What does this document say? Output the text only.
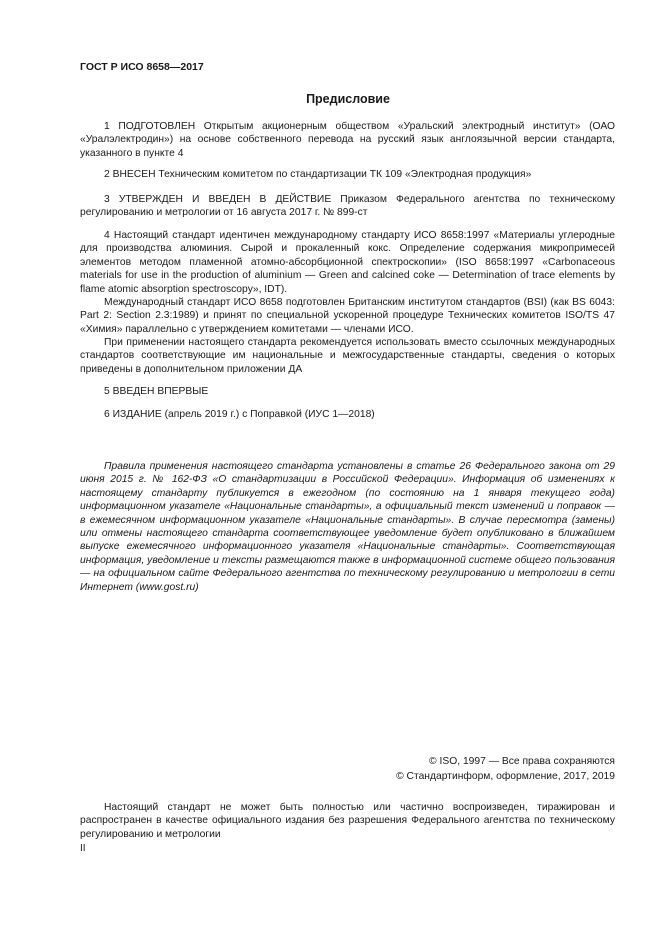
ГОСТ Р ИСО 8658—2017
Предисловие

1 ПОДГОТОВЛЕН Открытым акционерным обществом «Уральский электродный институт» (ОАО «Уралэлектродин») на основе собственного перевода на русский язык англоязычной версии стандарта, указанного в пункте 4

2 ВНЕСЕН Техническим комитетом по стандартизации ТК 109 «Электродная продукция»

3 УТВЕРЖДЕН И ВВЕДЕН В ДЕЙСТВИЕ Приказом Федерального агентства по техническому регулированию и метрологии от 16 августа 2017 г. № 899-ст

4 Настоящий стандарт идентичен международному стандарту ИСО 8658:1997 «Материалы углеродные для производства алюминия. Сырой и прокаленный кокс. Определение содержания микропримесей элементов методом пламенной атомно-абсорбционной спектроскопии» (ISO 8658:1997 «Carbonaceous materials for use in the production of aluminium — Green and calcined coke — Determination of trace elements by flame atomic absorption spectroscopy», IDT).

Международный стандарт ИСО 8658 подготовлен Британским институтом стандартов (BSI) (как BS 6043: Part 2: Section 2.3:1989) и принят по специальной ускоренной процедуре Технических комитетов ISO/TS 47 «Химия» параллельно с утверждением комитетами — членами ИСО.

При применении настоящего стандарта рекомендуется использовать вместо ссылочных международных стандартов соответствующие им национальные и межгосударственные стандарты, сведения о которых приведены в дополнительном приложении ДА

5 ВВЕДЕН ВПЕРВЫЕ

6 ИЗДАНИЕ (апрель 2019 г.) с Поправкой (ИУС 1—2018)

Правила применения настоящего стандарта установлены в статье 26 Федерального закона от 29 июня 2015 г. № 162-ФЗ «О стандартизации в Российской Федерации». Информация об изменениях к настоящему стандарту публикуется в ежегодном (по состоянию на 1 января текущего года) информационном указателе «Национальные стандарты», а официальный текст изменений и поправок — в ежемесячном информационном указателе «Национальные стандарты». В случае пересмотра (замены) или отмены настоящего стандарта соответствующее уведомление будет опубликовано в ближайшем выпуске ежемесячного информационного указателя «Национальные стандарты». Соответствующая информация, уведомление и тексты размещаются также в информационной системе общего пользования — на официальном сайте Федерального агентства по техническому регулированию и метрологии в сети Интернет (www.gost.ru)

© ISO, 1997 — Все права сохраняются
© Стандартинформ, оформление, 2017, 2019

Настоящий стандарт не может быть полностью или частично воспроизведен, тиражирован и распространен в качестве официального издания без разрешения Федерального агентства по техническому регулированию и метрологии

II
